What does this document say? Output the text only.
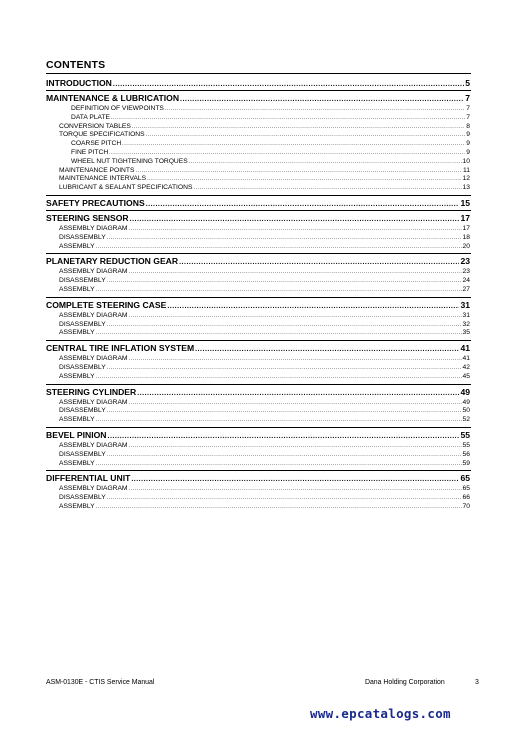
CONTENTS
INTRODUCTION .....	5
MAINTENANCE & LUBRICATION .....	7
DEFINITION OF VIEWPOINTS .....	7
DATA PLATE .....	7
CONVERSION TABLES .....	8
TORQUE SPECIFICATIONS .....	9
COARSE PITCH .....	9
FINE PITCH .....	9
WHEEL NUT TIGHTENING TORQUES .....	10
MAINTENANCE POINTS .....	11
MAINTENANCE INTERVALS .....	12
LUBRICANT & SEALANT SPECIFICATIONS .....	13
SAFETY PRECAUTIONS .....	15
STEERING SENSOR .....	17
ASSEMBLY DIAGRAM .....	17
DISASSEMBLY .....	18
ASSEMBLY .....	20
PLANETARY REDUCTION GEAR .....	23
ASSEMBLY DIAGRAM .....	23
DISASSEMBLY .....	24
ASSEMBLY .....	27
COMPLETE STEERING CASE .....	31
ASSEMBLY DIAGRAM .....	31
DISASSEMBLY .....	32
ASSEMBLY .....	35
CENTRAL TIRE INFLATION SYSTEM .....	41
ASSEMBLY DIAGRAM .....	41
DISASSEMBLY .....	42
ASSEMBLY .....	45
STEERING CYLINDER .....	49
ASSEMBLY DIAGRAM .....	49
DISASSEMBLY .....	50
ASSEMBLY .....	52
BEVEL PINION .....	55
ASSEMBLY DIAGRAM .....	55
DISASSEMBLY .....	56
ASSEMBLY .....	59
DIFFERENTIAL UNIT .....	65
ASSEMBLY DIAGRAM .....	65
DISASSEMBLY .....	66
ASSEMBLY .....	70
ASM-0130E - CTIS Service Manual	Dana Holding Corporation	3
www.epcatalogs.com
